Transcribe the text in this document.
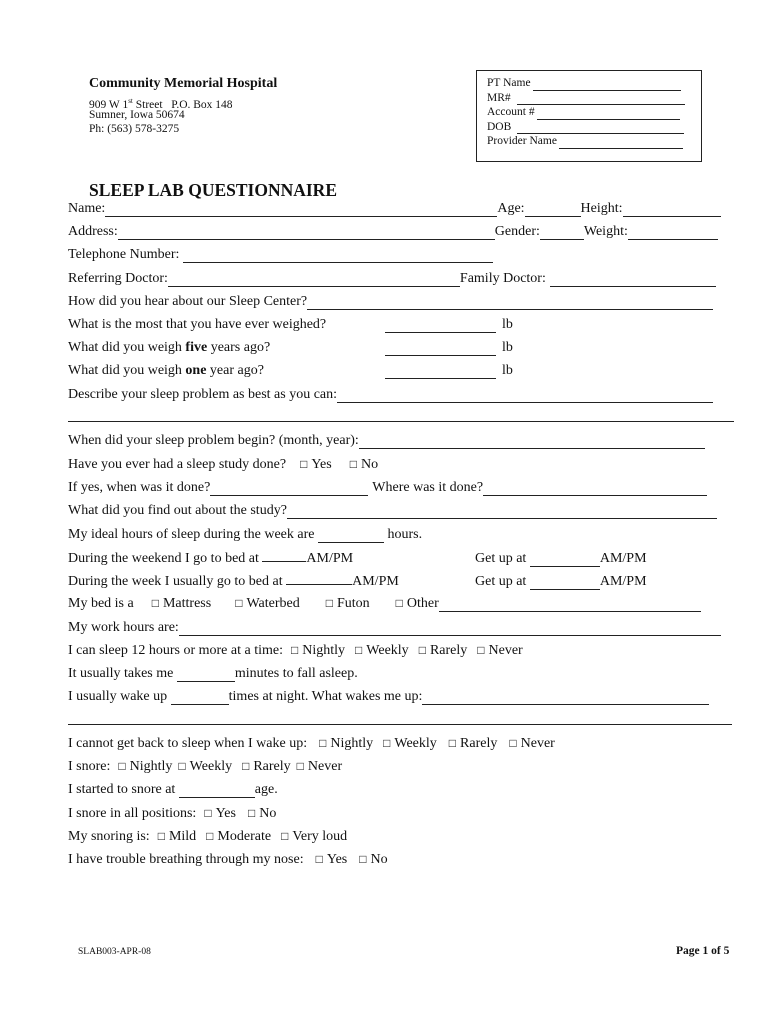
Community Memorial Hospital
909 W 1st Street   P.O. Box 148
Sumner, Iowa 50674
Ph: (563) 578-3275
PT Name
MR#
Account #
DOB
Provider Name
SLEEP LAB QUESTIONNAIRE
Name:	Age:	Height:
Address:	Gender:	Weight:
Telephone Number:
Referring Doctor:	Family Doctor:
How did you hear about our Sleep Center?
What is the most that you have ever weighed?	lb
What did you weigh five years ago?	lb
What did you weigh one year ago?	lb
Describe your sleep problem as best as you can:
When did your sleep problem begin? (month, year):
Have you ever had a sleep study done? □ Yes □ No
If yes, when was it done?	Where was it done?
What did you find out about the study?
My ideal hours of sleep during the week are	hours.
During the weekend I go to bed at	AM/PM	Get up at	AM/PM
During the week I usually go to bed at	AM/PM	Get up at	AM/PM
My bed is a □ Mattress □ Waterbed □ Futon □ Other
My work hours are:
I can sleep 12 hours or more at a time: □ Nightly □ Weekly □ Rarely □ Never
It usually takes me	minutes to fall asleep.
I usually wake up	times at night. What wakes me up:
I cannot get back to sleep when I wake up: □ Nightly □ Weekly □ Rarely □ Never
I snore: □ Nightly □ Weekly □ Rarely □ Never
I started to snore at	age.
I snore in all positions: □ Yes □ No
My snoring is: □ Mild □ Moderate □ Very loud
I have trouble breathing through my nose: □ Yes □ No
SLAB003-APR-08	Page 1 of 5
